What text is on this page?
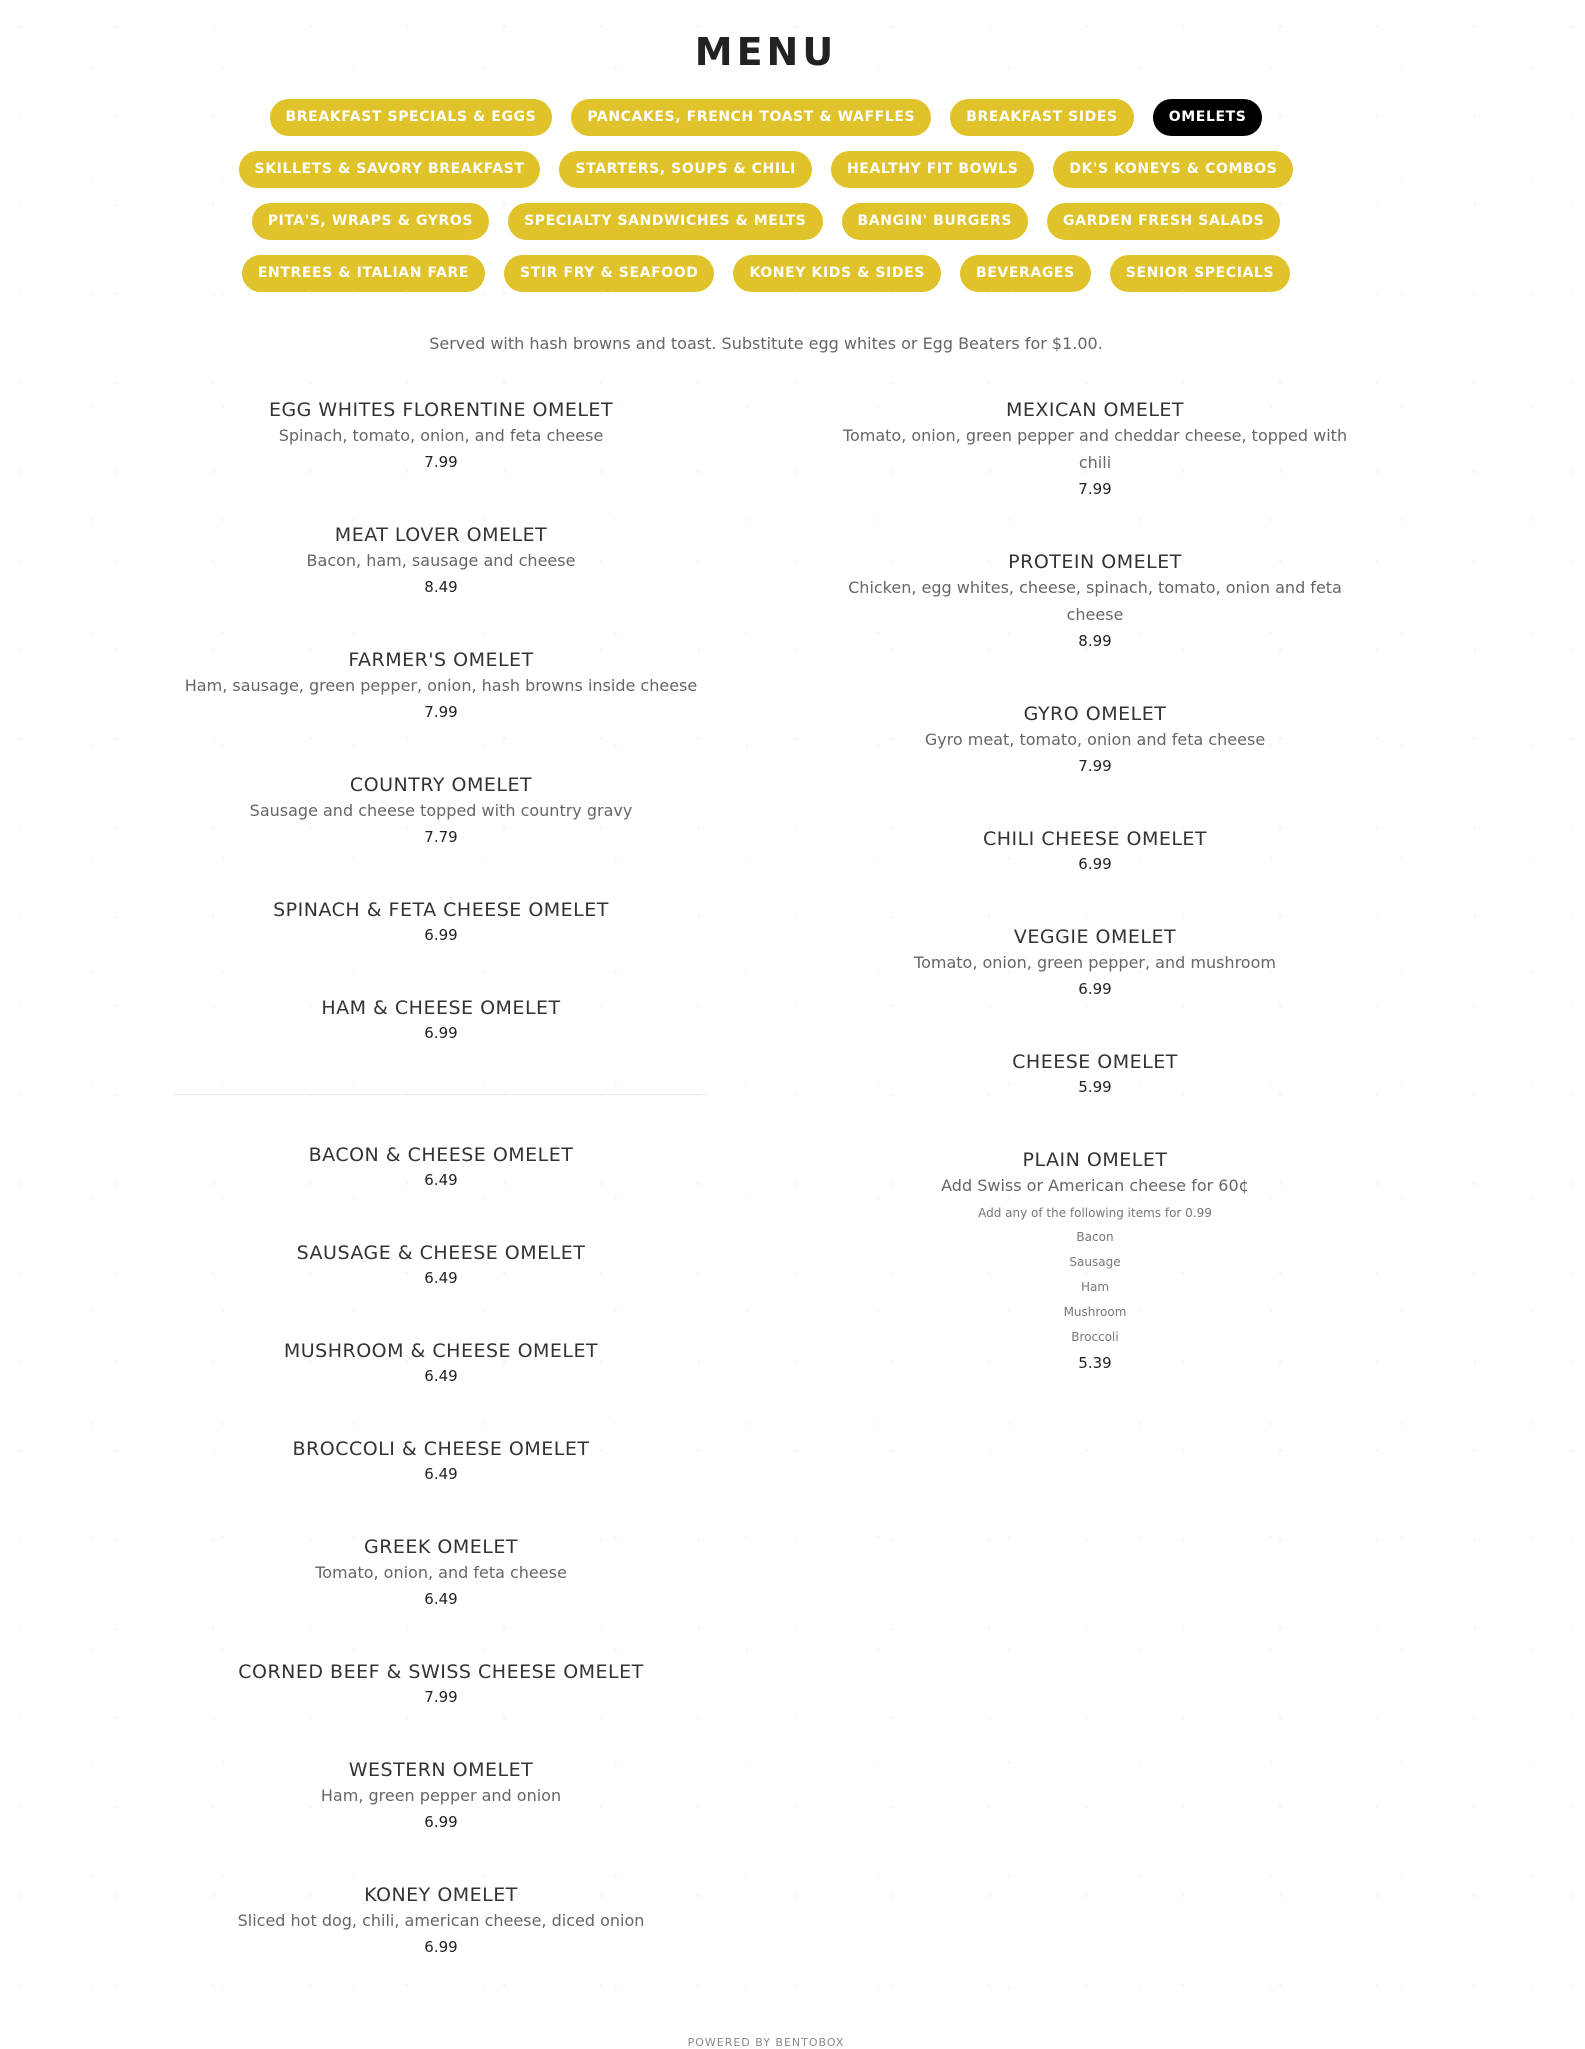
MENU
BREAKFAST SPECIALS & EGGS	PANCAKES, FRENCH TOAST & WAFFLES	BREAKFAST SIDES	OMELETS
SKILLETS & SAVORY BREAKFAST	STARTERS, SOUPS & CHILI	HEALTHY FIT BOWLS	DK'S KONEYS & COMBOS
PITA'S, WRAPS & GYROS	SPECIALTY SANDWICHES & MELTS	BANGIN' BURGERS	GARDEN FRESH SALADS
ENTREES & ITALIAN FARE	STIR FRY & SEAFOOD	KONEY KIDS & SIDES	BEVERAGES	SENIOR SPECIALS
Served with hash browns and toast. Substitute egg whites or Egg Beaters for $1.00.
EGG WHITES FLORENTINE OMELET
Spinach, tomato, onion, and feta cheese
7.99
MEAT LOVER OMELET
Bacon, ham, sausage and cheese
8.49
FARMER'S OMELET
Ham, sausage, green pepper, onion, hash browns inside cheese
7.99
COUNTRY OMELET
Sausage and cheese topped with country gravy
7.79
SPINACH & FETA CHEESE OMELET
6.99
HAM & CHEESE OMELET
6.99
BACON & CHEESE OMELET
6.49
SAUSAGE & CHEESE OMELET
6.49
MUSHROOM & CHEESE OMELET
6.49
BROCCOLI & CHEESE OMELET
6.49
GREEK OMELET
Tomato, onion, and feta cheese
6.49
CORNED BEEF & SWISS CHEESE OMELET
7.99
WESTERN OMELET
Ham, green pepper and onion
6.99
KONEY OMELET
Sliced hot dog, chili, american cheese, diced onion
6.99
MEXICAN OMELET
Tomato, onion, green pepper and cheddar cheese, topped with chili
7.99
PROTEIN OMELET
Chicken, egg whites, cheese, spinach, tomato, onion and feta cheese
8.99
GYRO OMELET
Gyro meat, tomato, onion and feta cheese
7.99
CHILI CHEESE OMELET
6.99
VEGGIE OMELET
Tomato, onion, green pepper, and mushroom
6.99
CHEESE OMELET
5.99
PLAIN OMELET
Add Swiss or American cheese for 60¢
Add any of the following items for 0.99
Bacon
Sausage
Ham
Mushroom
Broccoli
5.39
POWERED BY BENTOBOX
